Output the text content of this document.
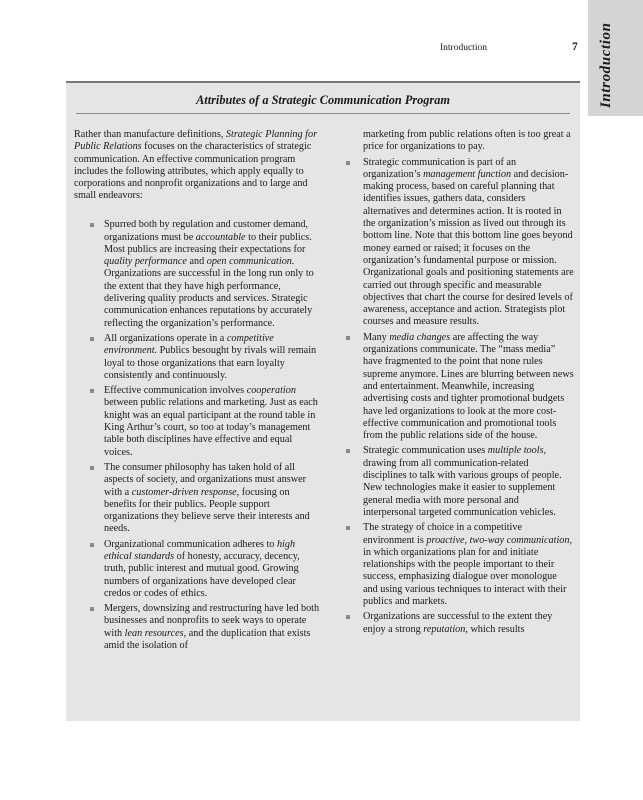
Introduction
Introduction	7
Attributes of a Strategic Communication Program

Rather than manufacture definitions, Strategic Planning for Public Relations focuses on the characteristics of strategic communication. An effective communication program includes the following attributes, which apply equally to corporations and nonprofit organizations and to large and small endeavors:

Spurred both by regulation and customer demand, organizations must be accountable to their publics. Most publics are increasing their expectations for quality performance and open communication. Organizations are successful in the long run only to the extent that they have high performance, delivering quality products and services. Strategic communication enhances reputations by accurately reflecting the organization’s performance.
All organizations operate in a competitive environment. Publics besought by rivals will remain loyal to those organizations that earn loyalty consistently and continuously.
Effective communication involves cooperation between public relations and marketing. Just as each knight was an equal participant at the round table in King Arthur’s court, so too at today’s management table both disciplines have effective and equal voices.
The consumer philosophy has taken hold of all aspects of society, and organizations must answer with a customer-driven response, focusing on benefits for their publics. People support organizations they believe serve their interests and needs.
Organizational communication adheres to high ethical standards of honesty, accuracy, decency, truth, public interest and mutual good. Growing numbers of organizations have developed clear credos or codes of ethics.
Mergers, downsizing and restructuring have led both businesses and nonprofits to seek ways to operate with lean resources, and the duplication that exists amid the isolation of

marketing from public relations often is too great a price for organizations to pay.

Strategic communication is part of an organization’s management function and decision-making process, based on careful planning that identifies issues, gathers data, considers alternatives and determines action. It is rooted in the organization’s mission as lived out through its bottom line. Note that this bottom line goes beyond money earned or raised; it focuses on the organization’s fundamental purpose or mission. Organizational goals and positioning statements are carried out through specific and measurable objectives that chart the course for desired levels of awareness, acceptance and action. Strategists plot courses and measure results.
Many media changes are affecting the way organizations communicate. The “mass media” have fragmented to the point that none rules supreme anymore. Lines are blurring between news and entertainment. Meanwhile, increasing advertising costs and tighter promotional budgets have led organizations to look at the more cost-effective communication and promotional tools from the public relations side of the house.
Strategic communication uses multiple tools, drawing from all communication-related disciplines to talk with various groups of people. New technologies make it easier to supplement general media with more personal and interpersonal targeted communication vehicles.
The strategy of choice in a competitive environment is proactive, two-way communication, in which organizations plan for and initiate relationships with the people important to their success, emphasizing dialogue over monologue and using various techniques to interact with their publics and markets.
Organizations are successful to the extent they enjoy a strong reputation, which results
